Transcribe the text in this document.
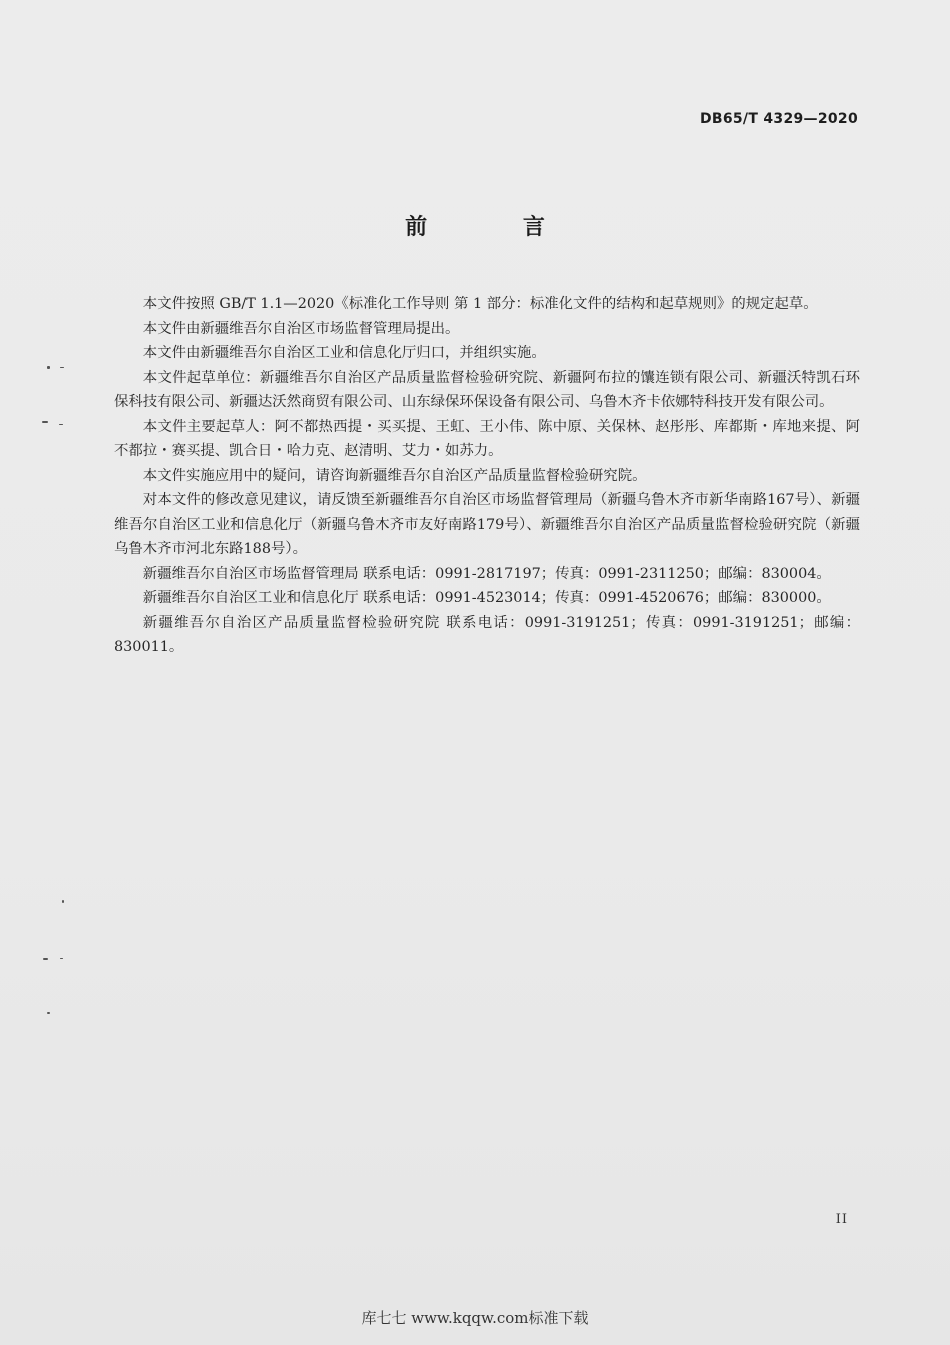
DB65/T 4329—2020
前 言

本文件按照 GB/T 1.1—2020《标准化工作导则 第 1 部分：标准化文件的结构和起草规则》的规定起草。

本文件由新疆维吾尔自治区市场监督管理局提出。

本文件由新疆维吾尔自治区工业和信息化厅归口，并组织实施。

本文件起草单位：新疆维吾尔自治区产品质量监督检验研究院、新疆阿布拉的馕连锁有限公司、新疆沃特凯石环保科技有限公司、新疆达沃然商贸有限公司、山东绿保环保设备有限公司、乌鲁木齐卡依娜特科技开发有限公司。

本文件主要起草人：阿不都热西提・买买提、王虹、王小伟、陈中原、关保林、赵彤彤、库都斯・库地来提、阿不都拉・赛买提、凯合日・哈力克、赵清明、艾力・如苏力。

本文件实施应用中的疑问，请咨询新疆维吾尔自治区产品质量监督检验研究院。

对本文件的修改意见建议，请反馈至新疆维吾尔自治区市场监督管理局（新疆乌鲁木齐市新华南路167号）、新疆维吾尔自治区工业和信息化厅（新疆乌鲁木齐市友好南路179号）、新疆维吾尔自治区产品质量监督检验研究院（新疆乌鲁木齐市河北东路188号）。

新疆维吾尔自治区市场监督管理局 联系电话：0991-2817197；传真：0991-2311250；邮编：830004。

新疆维吾尔自治区工业和信息化厅 联系电话：0991-4523014；传真：0991-4520676；邮编：830000。

新疆维吾尔自治区产品质量监督检验研究院 联系电话：0991-3191251；传真：0991-3191251；邮编：830011。

II
库七七 www.kqqw.com标准下载
